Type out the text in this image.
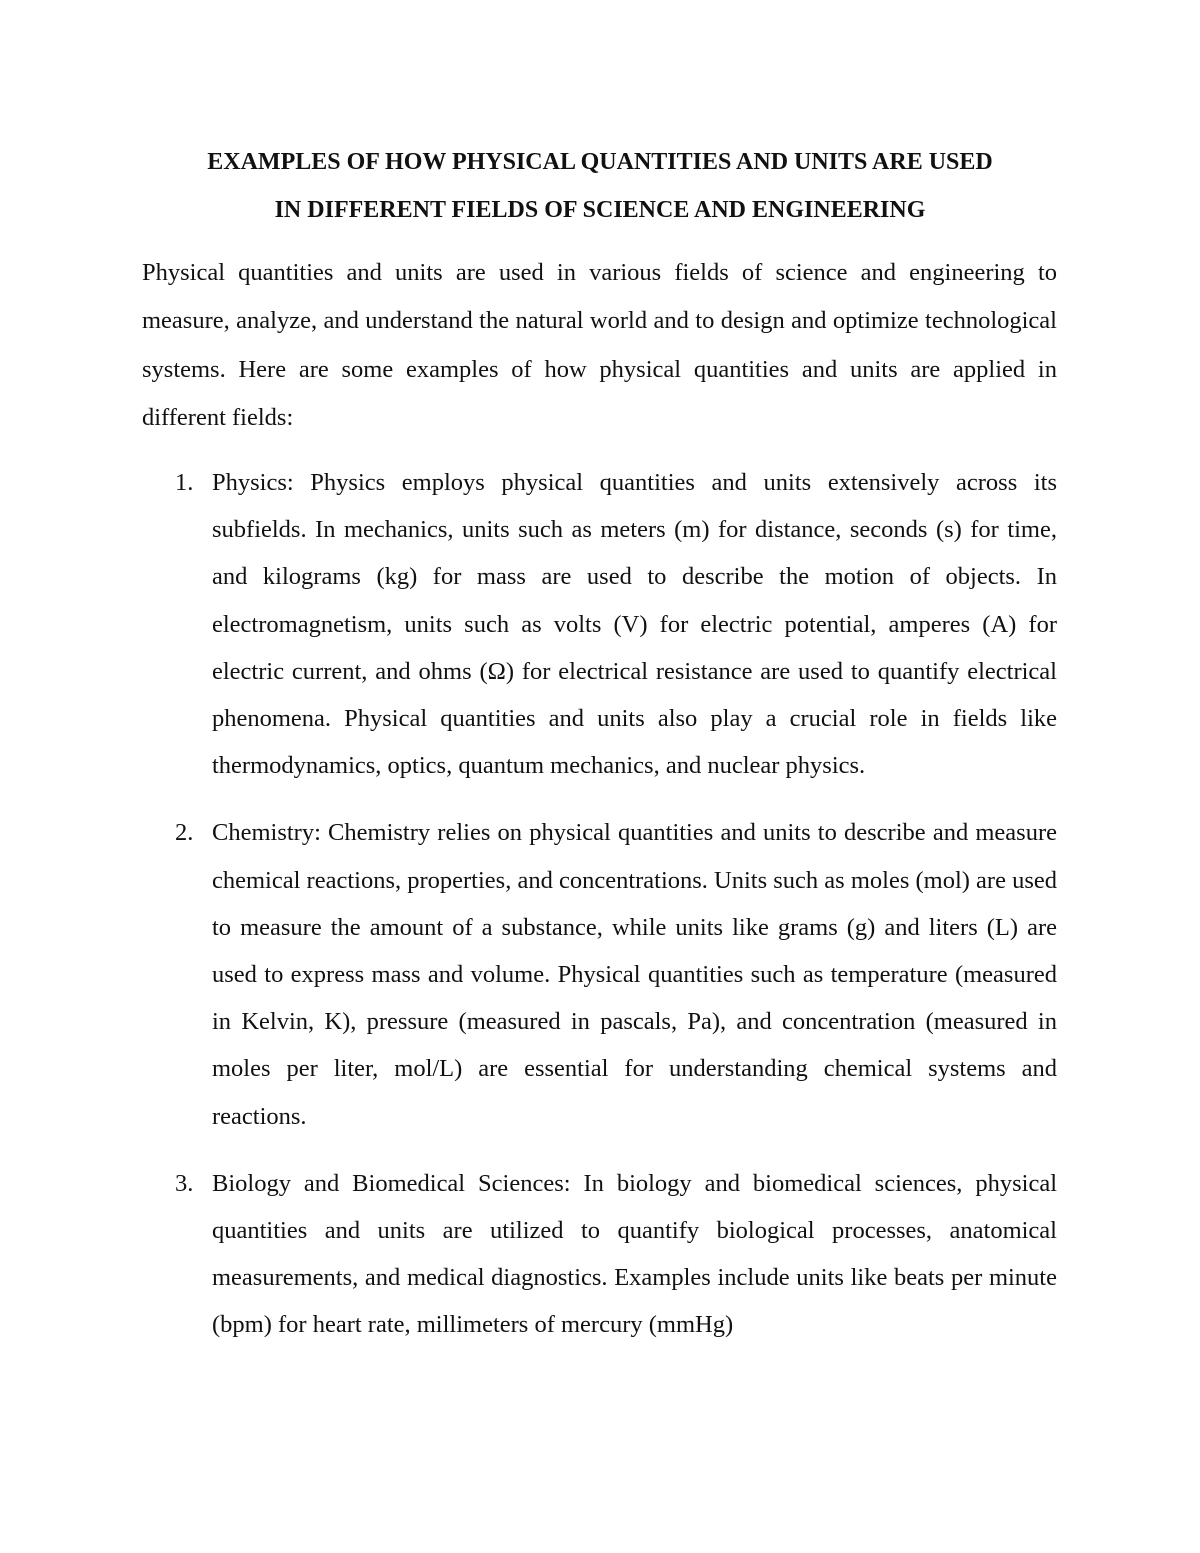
EXAMPLES OF HOW PHYSICAL QUANTITIES AND UNITS ARE USED
IN DIFFERENT FIELDS OF SCIENCE AND ENGINEERING

Physical quantities and units are used in various fields of science and engineering to measure, analyze, and understand the natural world and to design and optimize technological systems. Here are some examples of how physical quantities and units are applied in different fields:

1. Physics: Physics employs physical quantities and units extensively across its subfields. In mechanics, units such as meters (m) for distance, seconds (s) for time, and kilograms (kg) for mass are used to describe the motion of objects. In electromagnetism, units such as volts (V) for electric potential, amperes (A) for electric current, and ohms (Ω) for electrical resistance are used to quantify electrical phenomena. Physical quantities and units also play a crucial role in fields like thermodynamics, optics, quantum mechanics, and nuclear physics.
2. Chemistry: Chemistry relies on physical quantities and units to describe and measure chemical reactions, properties, and concentrations. Units such as moles (mol) are used to measure the amount of a substance, while units like grams (g) and liters (L) are used to express mass and volume. Physical quantities such as temperature (measured in Kelvin, K), pressure (measured in pascals, Pa), and concentration (measured in moles per liter, mol/L) are essential for understanding chemical systems and reactions.
3. Biology and Biomedical Sciences: In biology and biomedical sciences, physical quantities and units are utilized to quantify biological processes, anatomical measurements, and medical diagnostics. Examples include units like beats per minute (bpm) for heart rate, millimeters of mercury (mmHg)
